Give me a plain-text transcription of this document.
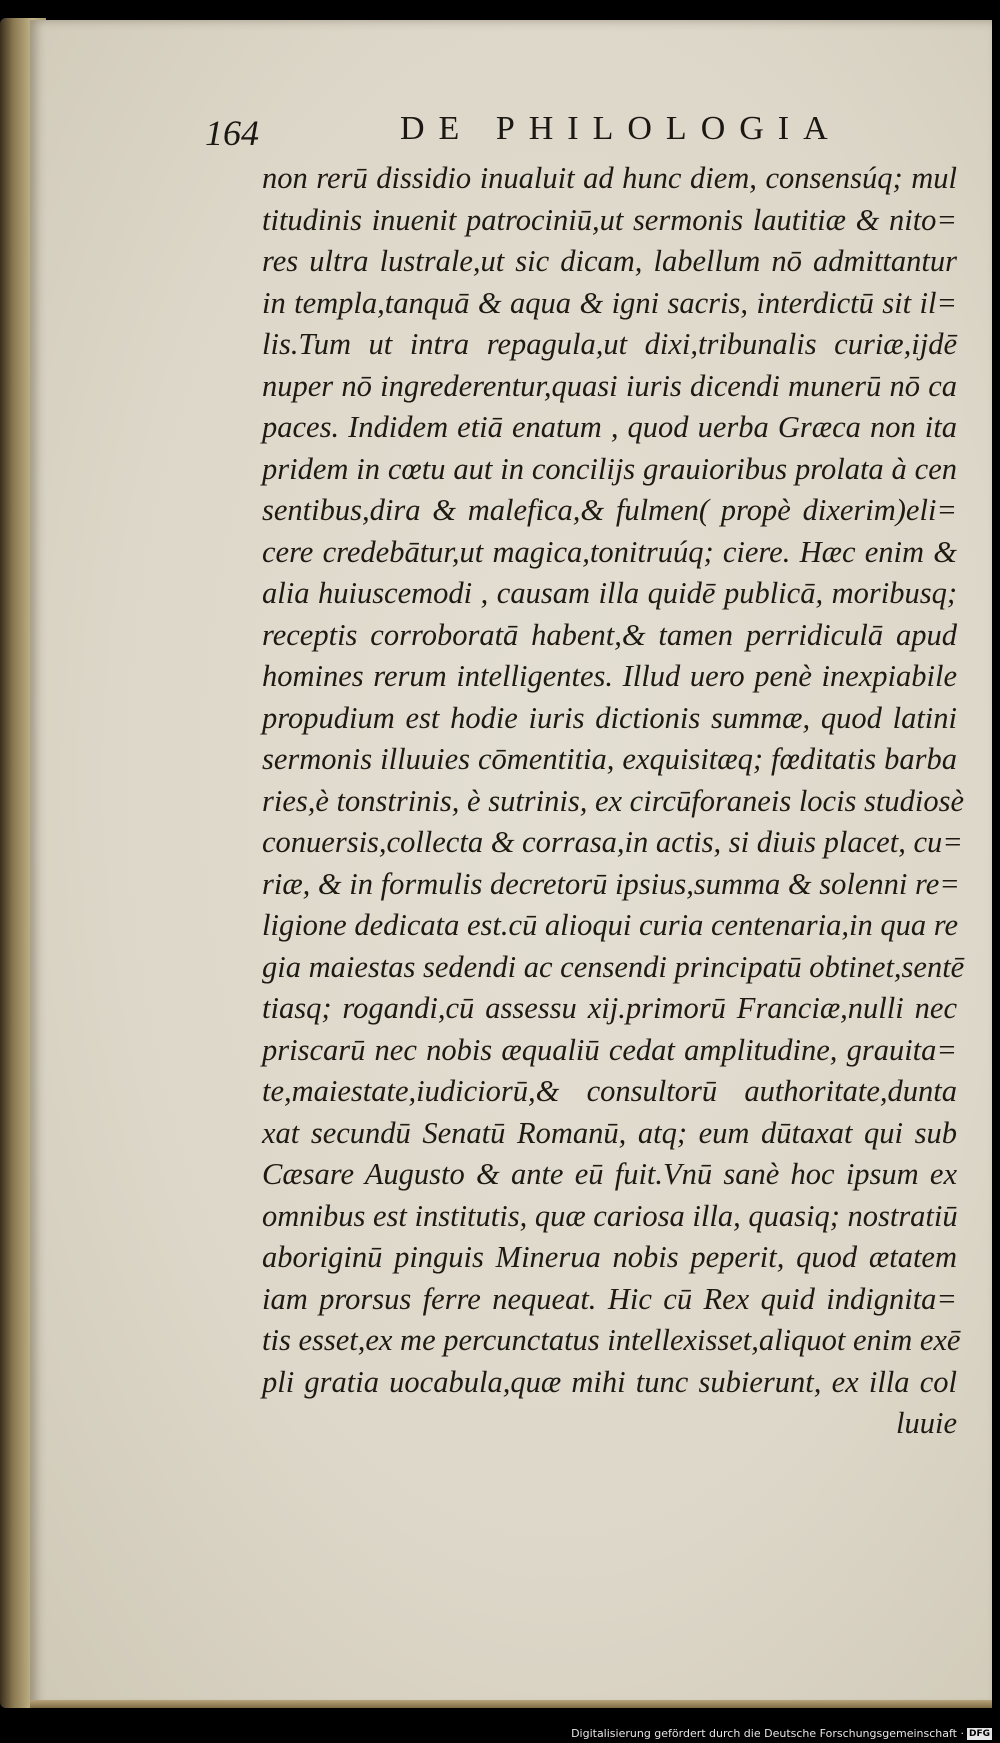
164	DE PHILOLOGIA
non rerū dissidio inualuit ad hunc diem, consensúq; mul
titudinis inuenit patrociniū,ut sermonis lautitiæ & nito=
res ultra lustrale,ut sic dicam, labellum nō admittantur
in templa,tanquā & aqua & igni sacris, interdictū sit il=
lis.Tum ut intra repagula,ut dixi,tribunalis curiæ,ijdē
nuper nō ingrederentur,quasi iuris dicendi munerū nō ca
paces. Indidem etiā enatum , quod uerba Græca non ita
pridem in cœtu aut in concilijs grauioribus prolata à cen
sentibus,dira & malefica,& fulmen( propè dixerim)eli=
cere credebātur,ut magica,tonitruúq; ciere. Hæc enim &
alia huiuscemodi , causam illa quidē publicā, moribusq;
receptis corroboratā habent,& tamen perridiculā apud
homines rerum intelligentes. Illud uero penè inexpiabile
propudium est hodie iuris dictionis summæ, quod latini
sermonis illuuies cōmentitia, exquisitæq; fœditatis barba
ries,è tonstrinis, è sutrinis, ex circūforaneis locis studiosè
conuersis,collecta & corrasa,in actis, si diuis placet, cu=
riæ, & in formulis decretorū ipsius,summa & solenni re=
ligione dedicata est.cū alioqui curia centenaria,in qua re
gia maiestas sedendi ac censendi principatū obtinet,sentē
tiasq; rogandi,cū assessu xij.primorū Franciæ,nulli nec
priscarū nec nobis æqualiū cedat amplitudine, grauita=
te,maiestate,iudiciorū,& consultorū authoritate,dunta
xat secundū Senatū Romanū, atq; eum dūtaxat qui sub
Cæsare Augusto & ante eū fuit.Vnū sanè hoc ipsum ex
omnibus est institutis, quæ cariosa illa, quasiq; nostratiū
aboriginū pinguis Minerua nobis peperit, quod ætatem
iam prorsus ferre nequeat. Hic cū Rex quid indignita=
tis esset,ex me percunctatus intellexisset,aliquot enim exē
pli gratia uocabula,quæ mihi tunc subierunt, ex illa col
luuie
Digitalisierung gefördert durch die Deutsche Forschungsgemeinschaft · DFG
